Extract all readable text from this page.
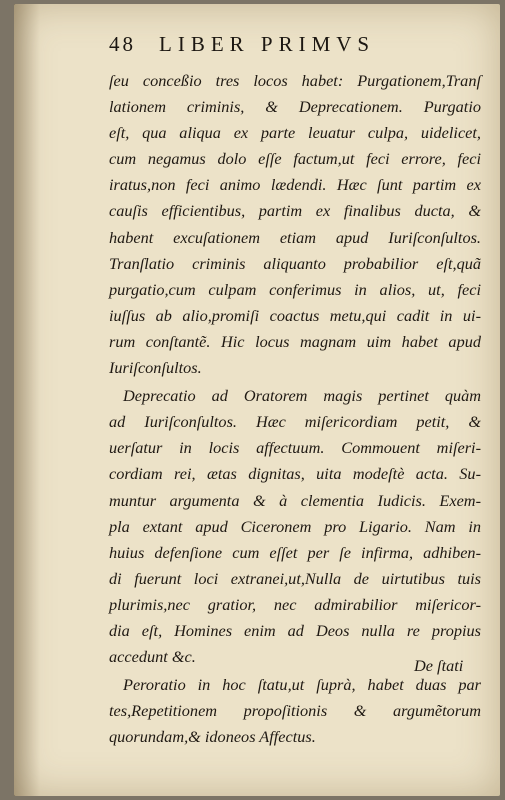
48 LIBER PRIMVS
ſeu conceßio tres locos habet: Purgationem,Tranſ
lationem criminis, & Deprecationem. Purgatio
eſt, qua aliqua ex parte leuatur culpa, uidelicet,
cum negamus dolo eſſe factum,ut feci errore, feci
iratus,non feci animo lædendi. Hæc ſunt partim ex
cauſis efficientibus, partim ex finalibus ducta, &
habent excuſationem etiam apud Iuriſconſultos.
Tranſlatio criminis aliquanto probabilior eſt,quã
purgatio,cum culpam conferimus in alios, ut, feci
iuſſus ab alio,promiſi coactus metu,qui cadit in ui-
rum conſtantẽ. Hic locus magnam uim habet apud
Iuriſconſultos.
Deprecatio ad Oratorem magis pertinet quàm
ad Iuriſconſultos. Hæc miſericordiam petit, &
uerſatur in locis affectuum. Commouent miſeri-
cordiam rei, ætas dignitas, uita modeſtè acta. Su-
muntur argumenta & à clementia Iudicis. Exem-
pla extant apud Ciceronem pro Ligario. Nam in
huius defenſione cum eſſet per ſe infirma, adhiben-
di fuerunt loci extranei,ut,Nulla de uirtutibus tuis
plurimis,nec gratior, nec admirabilior miſericor-
dia eſt, Homines enim ad Deos nulla re propius
accedunt &c.
Peroratio in hoc ſtatu,ut ſuprà, habet duas par
tes,Repetitionem propoſitionis & argumẽtorum
quorundam,& idoneos Affectus.
De ſtati
